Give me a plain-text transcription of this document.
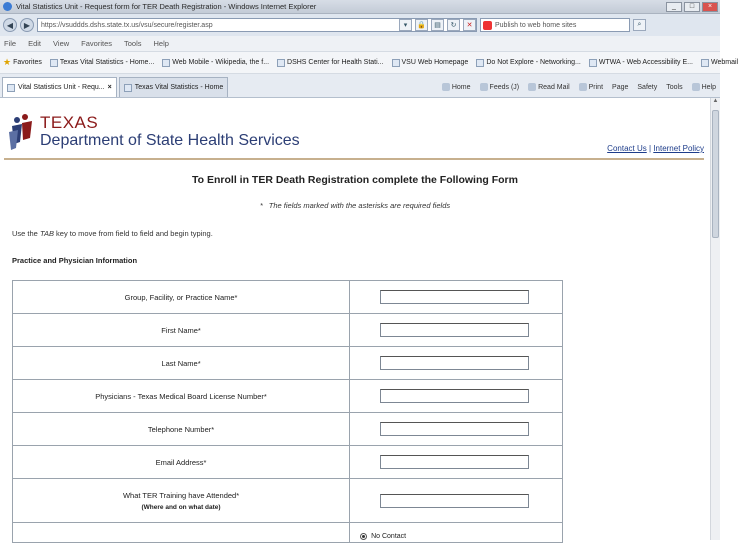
Vital Statistics Unit - Request form for TER Death Registration - Windows Internet Explorer	_	□	×
◀	▶	https://vsuddds.dshs.state.tx.us/vsu/secure/register.asp	▾	🔒	▤	↻	✕	Publish to web home sites	⌕
File Edit View Favorites Tools Help
★ Favorites	Texas Vital Statistics - Home...	Web Mobile - Wikipedia, the f...	DSHS Center for Health Stati...	VSU Web Homepage	Do Not Explore - Networking...	WTWA - Web Accessibility E...	Webmail
Vital Statistics Unit - Requ... ×	Texas Vital Statistics - Home	Home	Feeds (J)	Read Mail	Print Page Safety Tools	Help
TEXAS
Department of State Health Services	Contact Us | Internet Policy
To Enroll in TER Death Registration complete the Following Form
* The fields marked with the asterisks are required fields
Use the TAB key to move from field to field and begin typing.
Practice and Physician Information
Group, Facility, or Practice Name*	
First Name*	
Last Name*	
Physicians - Texas Medical Board License Number*	
Telephone Number*	
Email Address*	
What TER Training have Attended*
(Where and on what date)

	No Contact
▲
